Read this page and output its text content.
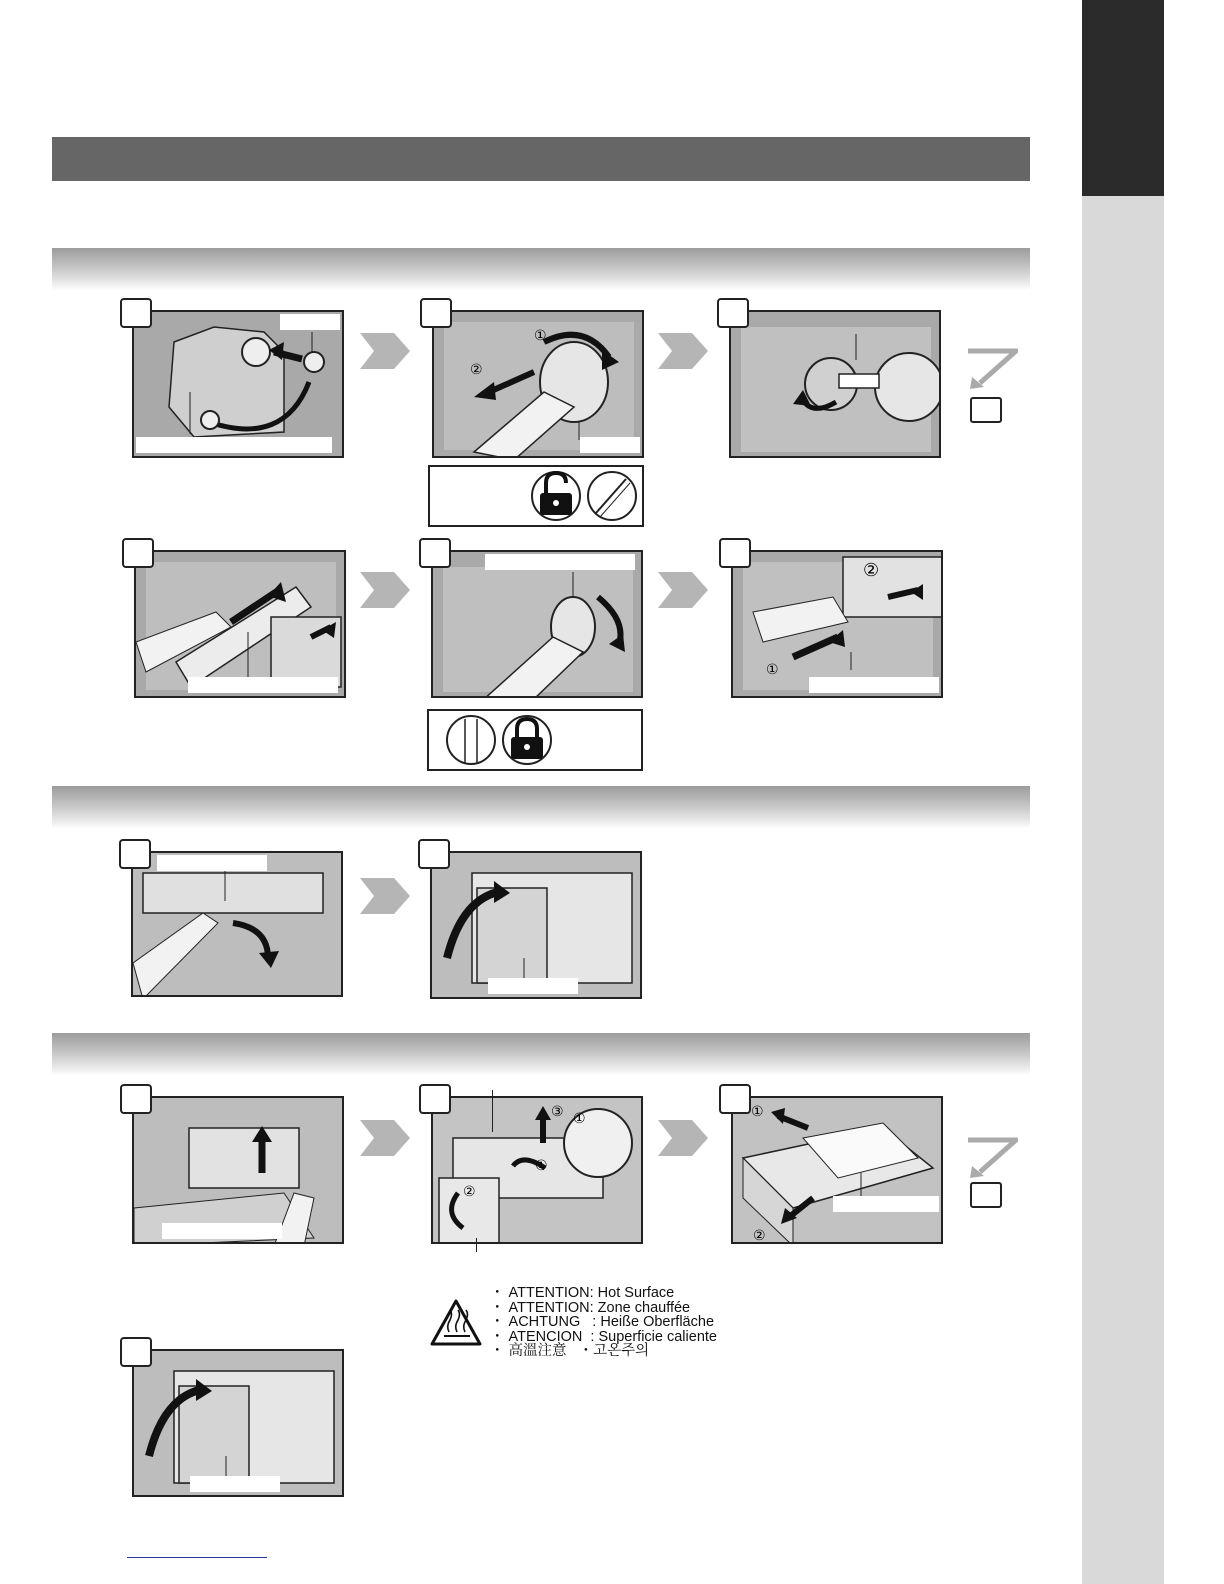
①
②
②
①
③
①
①
②
①
②
・ ATTENTION: Hot Surface
・ ATTENTION: Zone chauffée
・ ACHTUNG   : Heiße Oberfläche
・ ATENCION  : Superficie caliente
・ 高溫注意 ・고온주의
